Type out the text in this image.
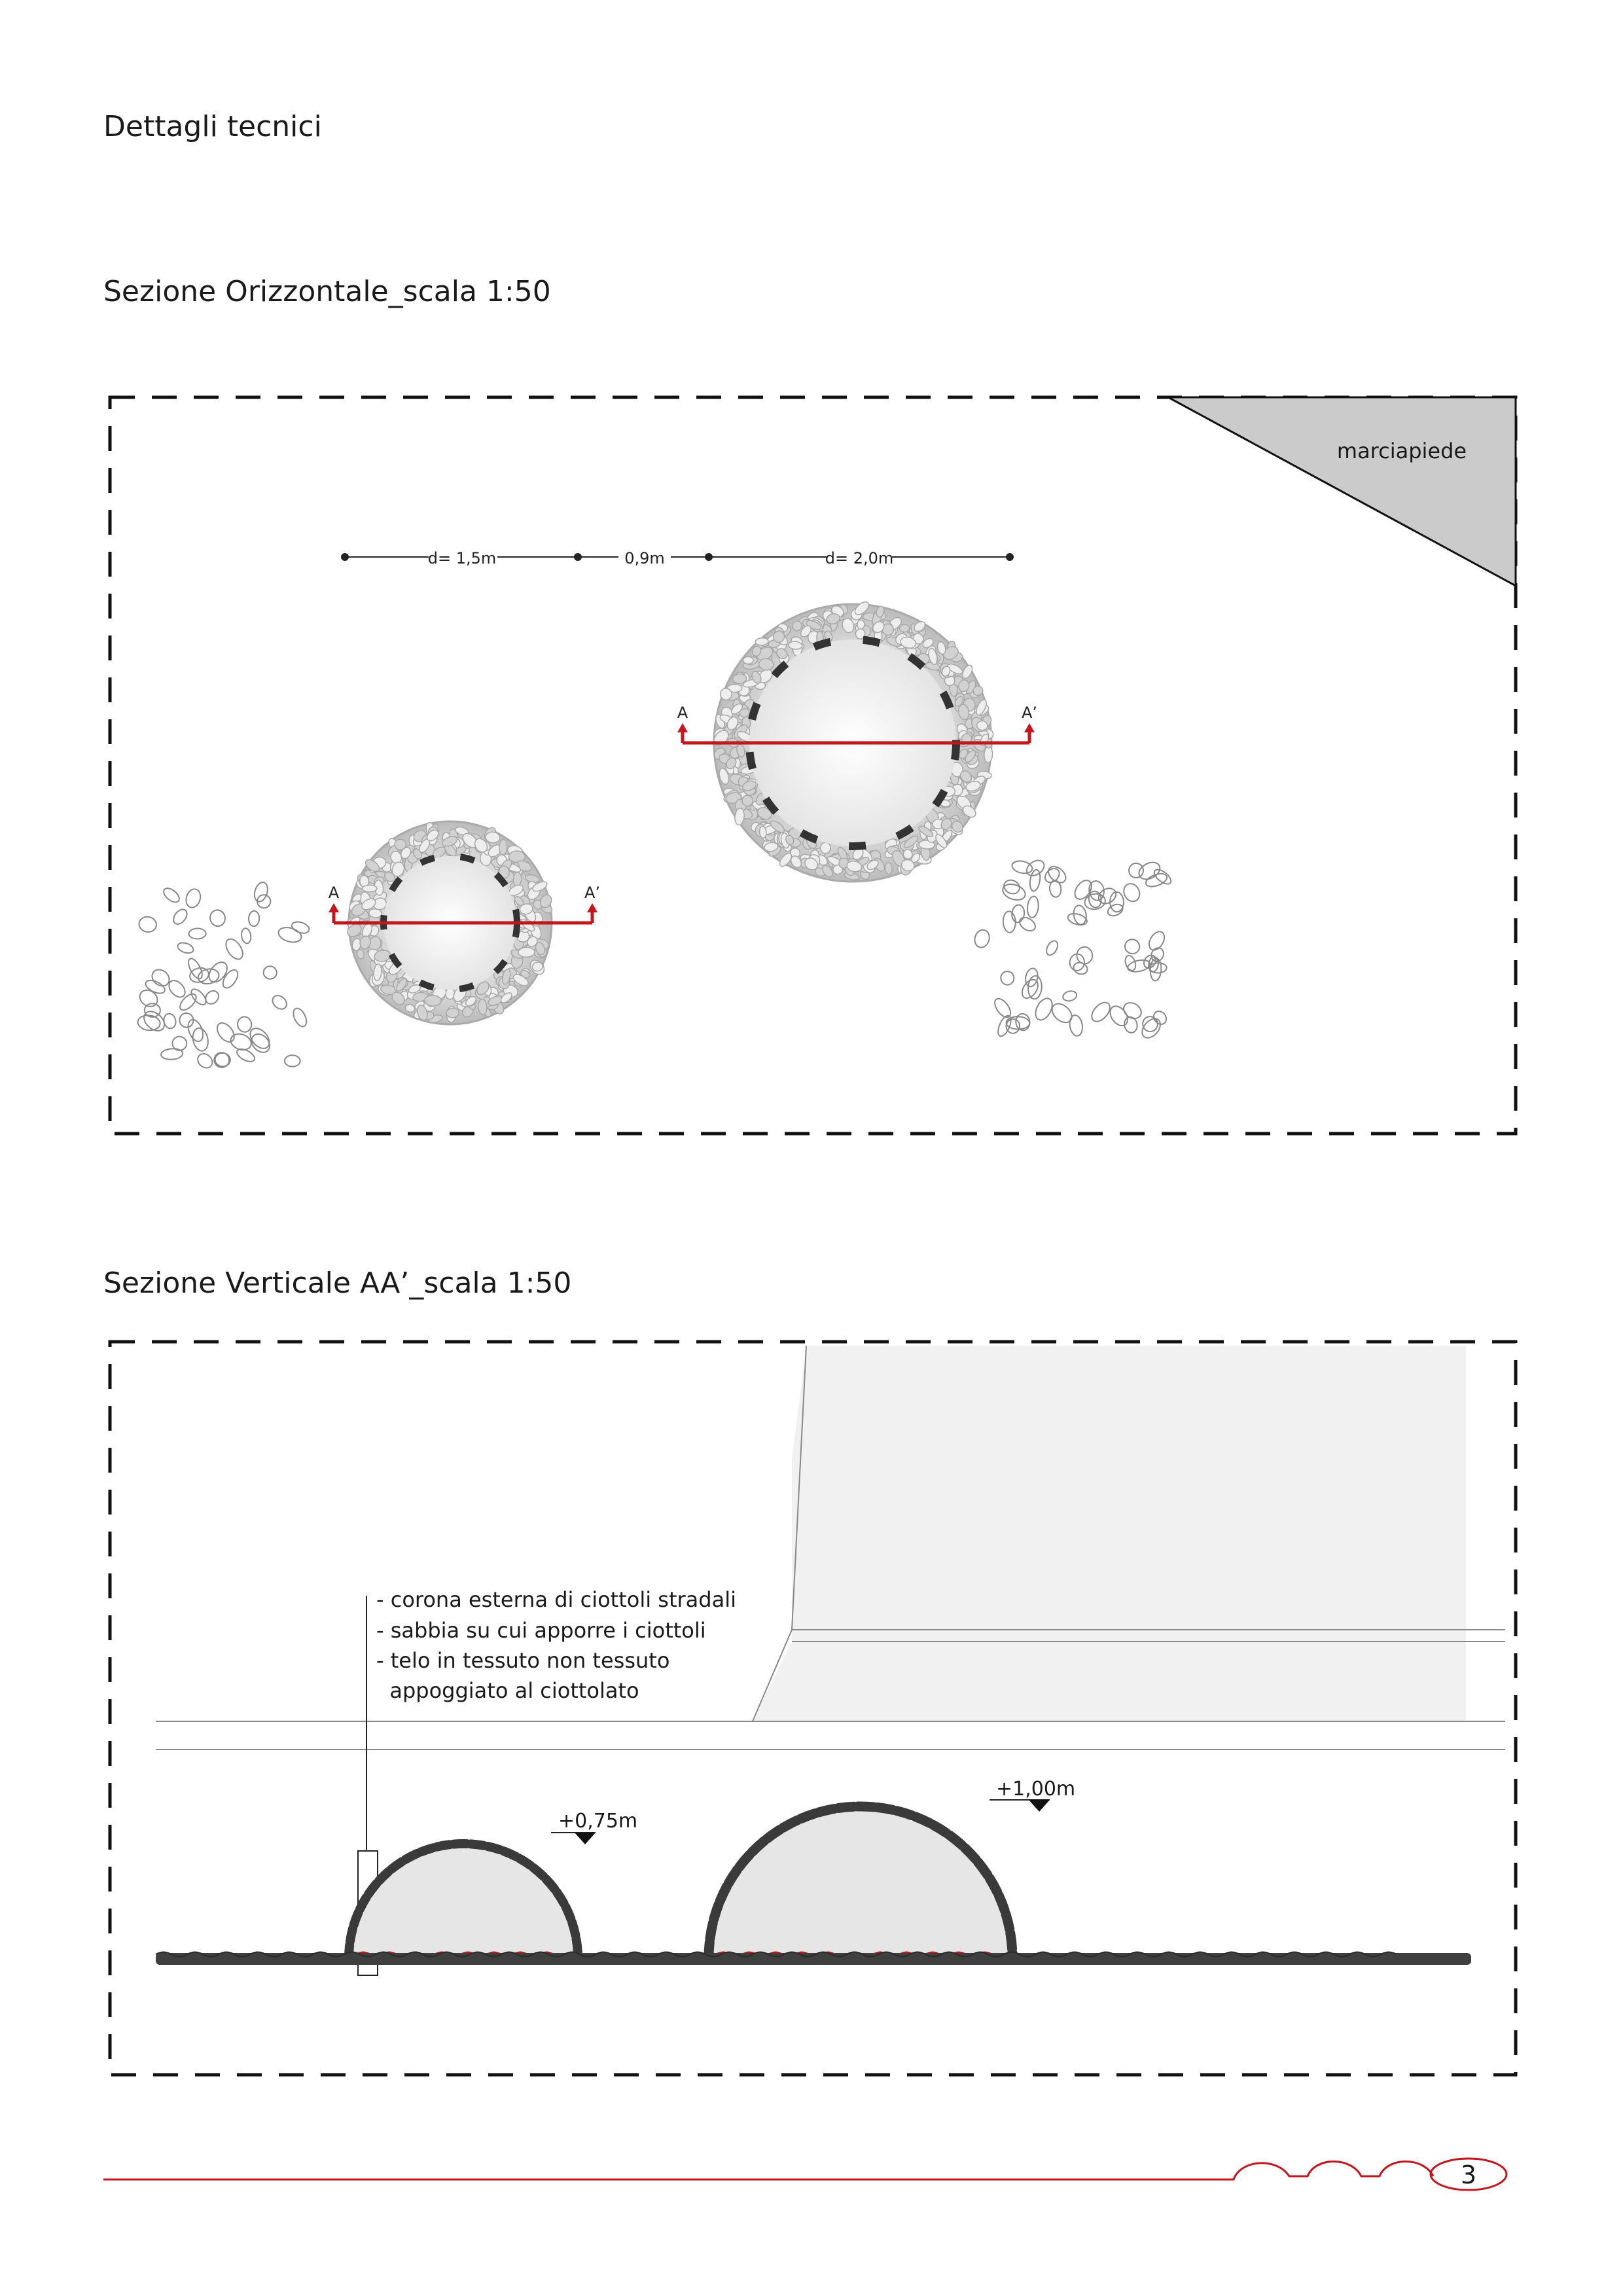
Dettagli tecnici
Sezione Orizzontale_scala 1:50
Sezione Verticale AA’_scala 1:50
marciapiede
d= 1,5m	0,9m	d= 2,0m
A	A’
A	A’
- corona esterna di ciottoli stradali
- sabbia su cui apporre i ciottoli
- telo in tessuto non tessuto
appoggiato al ciottolato
+0,75m
+1,00m
3
